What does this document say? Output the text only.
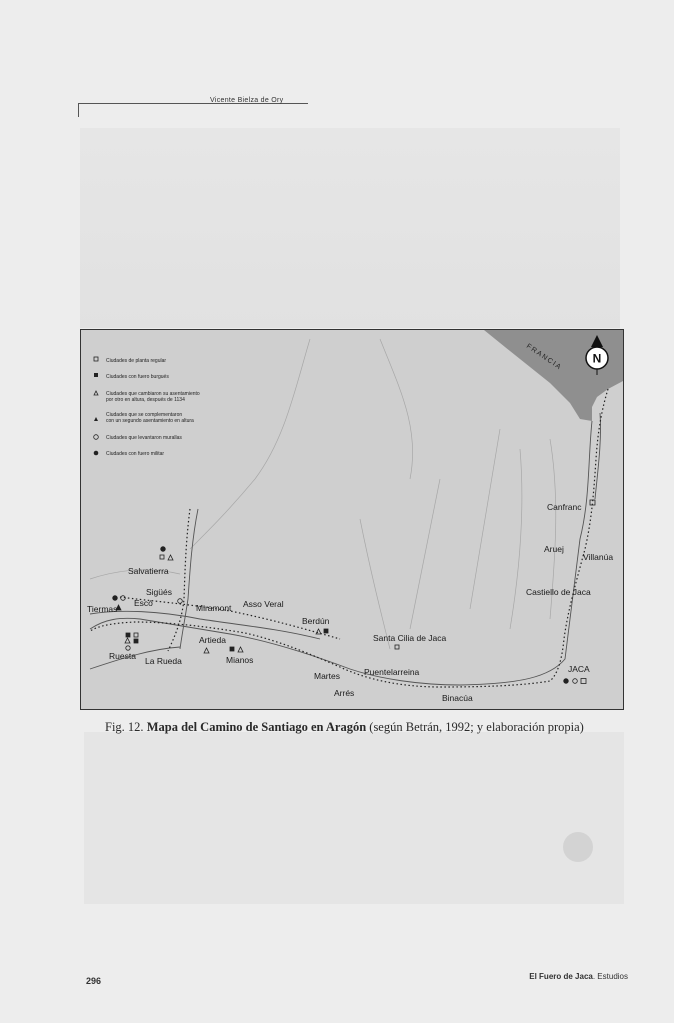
Vicente Bielza de Ory
Ciudades de planta regular
Ciudades con fuero burgués
Ciudades que cambiaron su asentamiento
por otro en altura, después de 1134
Ciudades que se complementaron
con un segundo asentamiento en altura
Ciudades que levantaron murallas
Ciudades con fuero militar
FRANCIA N
Canfranc
Aruej
Villanúa
Castiello de Jaca
JACA
Binacúa
Puentelarreina
Santa Cilia de Jaca
Martes
Arrés
Berdún
Asso Veral
Miramont
Artieda
Mianos
La Rueda
Ruesta
Tiermas
Escó
Sigüés
Salvatierra
Fig. 12. Mapa del Camino de Santiago en Aragón (según Betrán, 1992; y elaboración propia)

296	El Fuero de Jaca. Estudios
